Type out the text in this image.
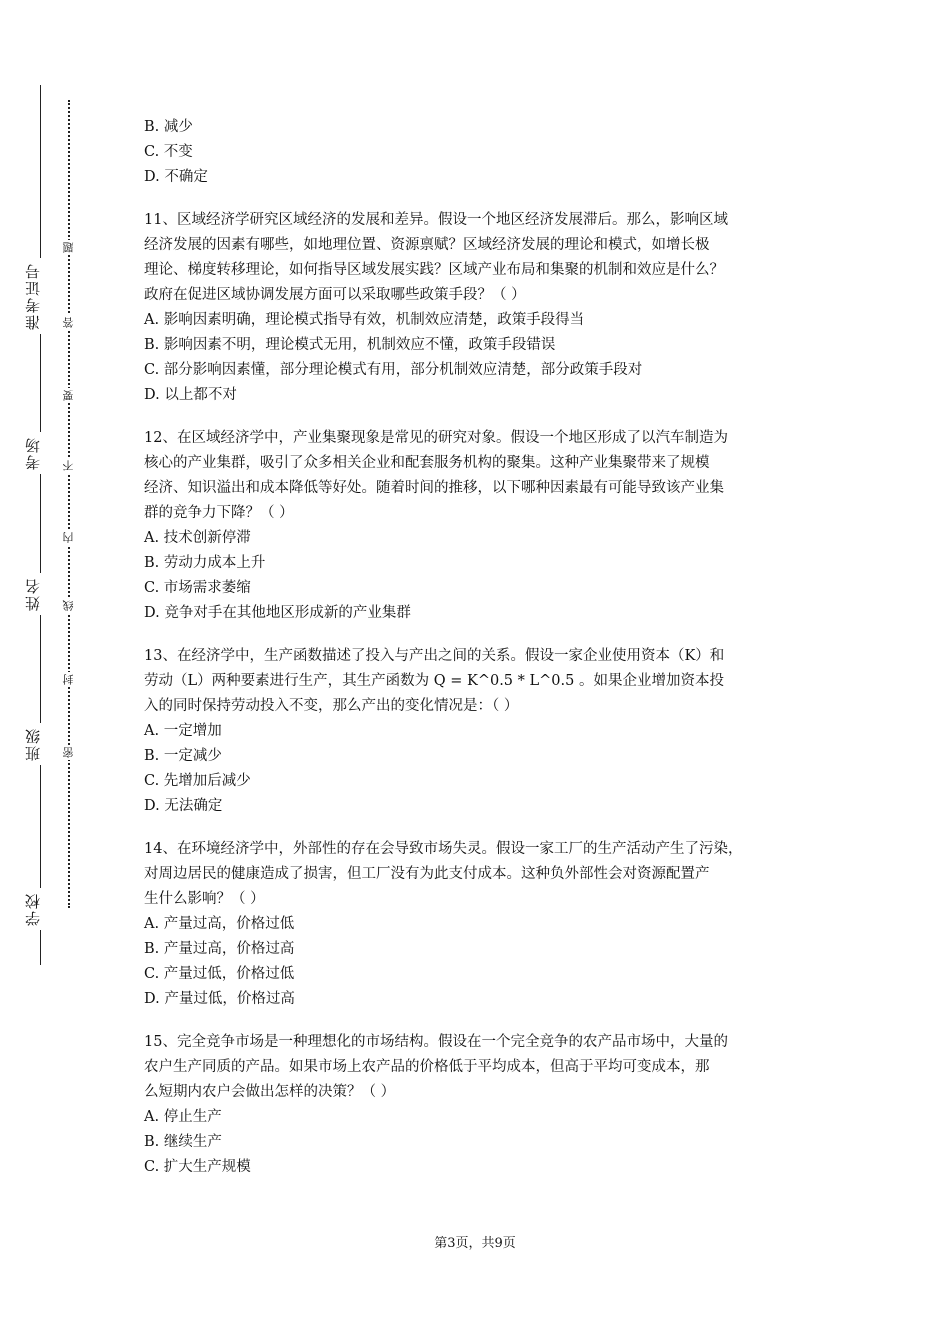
准考证号
考场
姓名
班级
学校
题
答
要
不
内
线
封
密
B. 减少
C. 不变
D. 不确定
11、区域经济学研究区域经济的发展和差异。假设一个地区经济发展滞后。那么，影响区域
经济发展的因素有哪些，如地理位置、资源禀赋？区域经济发展的理论和模式，如增长极
理论、梯度转移理论，如何指导区域发展实践？区域产业布局和集聚的机制和效应是什么？
政府在促进区域协调发展方面可以采取哪些政策手段？（ ）
A. 影响因素明确，理论模式指导有效，机制效应清楚，政策手段得当
B. 影响因素不明，理论模式无用，机制效应不懂，政策手段错误
C. 部分影响因素懂，部分理论模式有用，部分机制效应清楚，部分政策手段对
D. 以上都不对
12、在区域经济学中，产业集聚现象是常见的研究对象。假设一个地区形成了以汽车制造为
核心的产业集群，吸引了众多相关企业和配套服务机构的聚集。这种产业集聚带来了规模
经济、知识溢出和成本降低等好处。随着时间的推移，以下哪种因素最有可能导致该产业集
群的竞争力下降？（ ）
A. 技术创新停滞
B. 劳动力成本上升
C. 市场需求萎缩
D. 竞争对手在其他地区形成新的产业集群
13、在经济学中，生产函数描述了投入与产出之间的关系。假设一家企业使用资本（K）和
劳动（L）两种要素进行生产，其生产函数为 Q = K^0.5 * L^0.5 。如果企业增加资本投
入的同时保持劳动投入不变，那么产出的变化情况是：（ ）
A. 一定增加
B. 一定减少
C. 先增加后减少
D. 无法确定
14、在环境经济学中，外部性的存在会导致市场失灵。假设一家工厂的生产活动产生了污染，
对周边居民的健康造成了损害，但工厂没有为此支付成本。这种负外部性会对资源配置产
生什么影响？（ ）
A. 产量过高，价格过低
B. 产量过高，价格过高
C. 产量过低，价格过低
D. 产量过低，价格过高
15、完全竞争市场是一种理想化的市场结构。假设在一个完全竞争的农产品市场中，大量的
农户生产同质的产品。如果市场上农产品的价格低于平均成本，但高于平均可变成本，那
么短期内农户会做出怎样的决策？（ ）
A. 停止生产
B. 继续生产
C. 扩大生产规模
第3页，共9页
